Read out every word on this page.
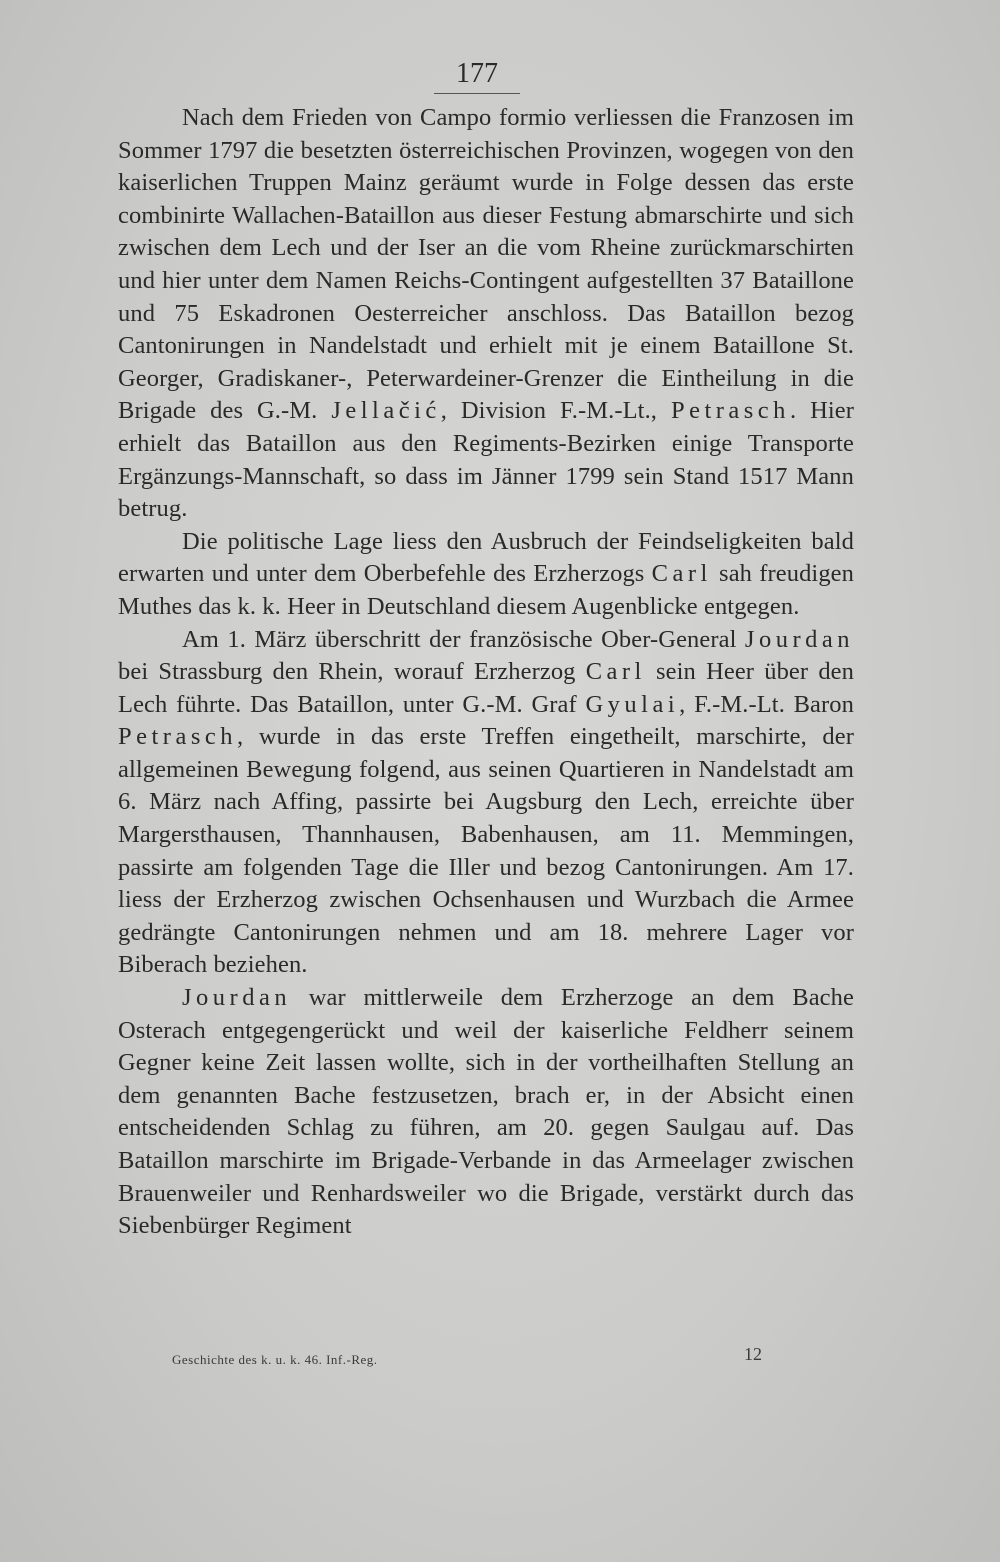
177

Nach dem Frieden von Campo formio verliessen die Franzosen im Sommer 1797 die besetzten österreichischen Provinzen, wogegen von den kaiserlichen Truppen Mainz geräumt wurde in Folge dessen das erste combinirte Wallachen-Bataillon aus dieser Festung abmarschirte und sich zwischen dem Lech und der Iser an die vom Rheine zurückmarschirten und hier unter dem Namen Reichs-Contingent aufgestellten 37 Bataillone und 75 Eskadronen Oesterreicher anschloss. Das Bataillon bezog Cantonirungen in Nandelstadt und erhielt mit je einem Bataillone St. Georger, Gradiskaner-, Peterwardeiner-Grenzer die Eintheilung in die Brigade des G.-M. Jellačić, Division F.-M.-Lt., Petrasch. Hier erhielt das Bataillon aus den Regiments-Bezirken einige Transporte Ergänzungs-Mannschaft, so dass im Jänner 1799 sein Stand 1517 Mann betrug.

Die politische Lage liess den Ausbruch der Feindseligkeiten bald erwarten und unter dem Oberbefehle des Erzherzogs Carl sah freudigen Muthes das k. k. Heer in Deutschland diesem Augenblicke entgegen.

Am 1. März überschritt der französische Ober-General Jourdan bei Strassburg den Rhein, worauf Erzherzog Carl sein Heer über den Lech führte. Das Bataillon, unter G.-M. Graf Gyulai, F.-M.-Lt. Baron Petrasch, wurde in das erste Treffen eingetheilt, marschirte, der allgemeinen Bewegung folgend, aus seinen Quartieren in Nandelstadt am 6. März nach Affing, passirte bei Augsburg den Lech, erreichte über Margersthausen, Thannhausen, Babenhausen, am 11. Memmingen, passirte am folgenden Tage die Iller und bezog Cantonirungen. Am 17. liess der Erzherzog zwischen Ochsenhausen und Wurzbach die Armee gedrängte Cantonirungen nehmen und am 18. mehrere Lager vor Biberach beziehen.

Jourdan war mittlerweile dem Erzherzoge an dem Bache Osterach entgegengerückt und weil der kaiserliche Feldherr seinem Gegner keine Zeit lassen wollte, sich in der vortheilhaften Stellung an dem genannten Bache festzusetzen, brach er, in der Absicht einen entscheidenden Schlag zu führen, am 20. gegen Saulgau auf. Das Bataillon marschirte im Brigade-Verbande in das Armeelager zwischen Brauenweiler und Renhardsweiler wo die Brigade, verstärkt durch das Siebenbürger Regiment

Geschichte des k. u. k. 46. Inf.-Reg.	12
